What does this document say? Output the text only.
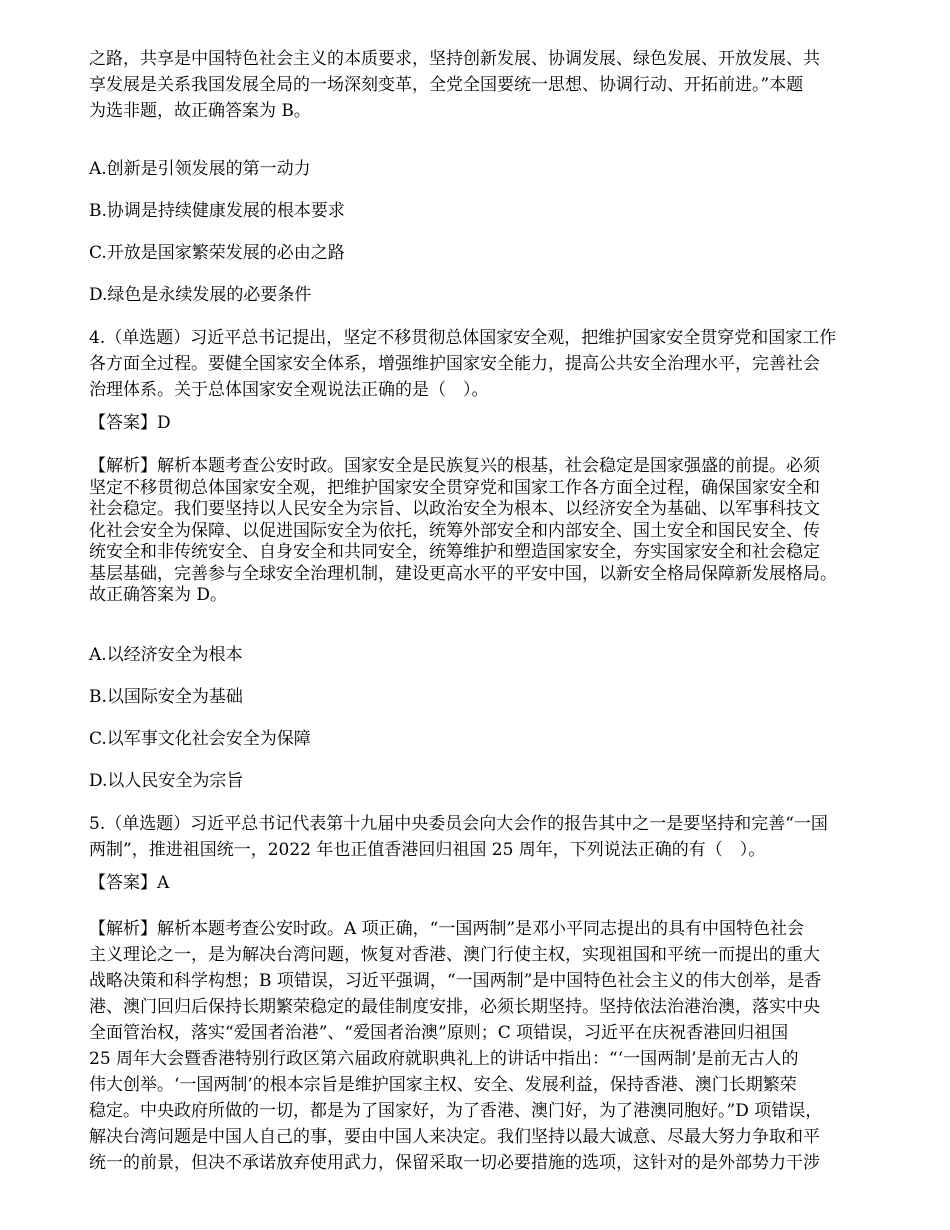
之路，共享是中国特色社会主义的本质要求，坚持创新发展、协调发展、绿色发展、开放发展、共
享发展是关系我国发展全局的一场深刻变革，全党全国要统一思想、协调行动、开拓前进。”本题
为选非题，故正确答案为 B。
A.创新是引领发展的第一动力
B.协调是持续健康发展的根本要求
C.开放是国家繁荣发展的必由之路
D.绿色是永续发展的必要条件
4.（单选题）习近平总书记提出，坚定不移贯彻总体国家安全观，把维护国家安全贯穿党和国家工作
各方面全过程。要健全国家安全体系，增强维护国家安全能力，提高公共安全治理水平，完善社会
治理体系。关于总体国家安全观说法正确的是（　）。
【答案】D
【解析】解析本题考查公安时政。国家安全是民族复兴的根基，社会稳定是国家强盛的前提。必须
坚定不移贯彻总体国家安全观，把维护国家安全贯穿党和国家工作各方面全过程，确保国家安全和
社会稳定。我们要坚持以人民安全为宗旨、以政治安全为根本、以经济安全为基础、以军事科技文
化社会安全为保障、以促进国际安全为依托，统筹外部安全和内部安全、国土安全和国民安全、传
统安全和非传统安全、自身安全和共同安全，统筹维护和塑造国家安全，夯实国家安全和社会稳定
基层基础，完善参与全球安全治理机制，建设更高水平的平安中国，以新安全格局保障新发展格局。
故正确答案为 D。
A.以经济安全为根本
B.以国际安全为基础
C.以军事文化社会安全为保障
D.以人民安全为宗旨
5.（单选题）习近平总书记代表第十九届中央委员会向大会作的报告其中之一是要坚持和完善“一国
两制”，推进祖国统一，2022 年也正值香港回归祖国 25 周年，下列说法正确的有（　）。
【答案】A
【解析】解析本题考查公安时政。A 项正确，“一国两制”是邓小平同志提出的具有中国特色社会
主义理论之一，是为解决台湾问题，恢复对香港、澳门行使主权，实现祖国和平统一而提出的重大
战略决策和科学构想；B 项错误，习近平强调，“一国两制”是中国特色社会主义的伟大创举，是香
港、澳门回归后保持长期繁荣稳定的最佳制度安排，必须长期坚持。坚持依法治港治澳，落实中央
全面管治权，落实“爱国者治港”、“爱国者治澳”原则；C 项错误，习近平在庆祝香港回归祖国
25 周年大会暨香港特别行政区第六届政府就职典礼上的讲话中指出：“‘一国两制’是前无古人的
伟大创举。‘一国两制’的根本宗旨是维护国家主权、安全、发展利益，保持香港、澳门长期繁荣
稳定。中央政府所做的一切，都是为了国家好，为了香港、澳门好，为了港澳同胞好。”D 项错误，
解决台湾问题是中国人自己的事，要由中国人来决定。我们坚持以最大诚意、尽最大努力争取和平
统一的前景，但决不承诺放弃使用武力，保留采取一切必要措施的选项，这针对的是外部势力干涉
